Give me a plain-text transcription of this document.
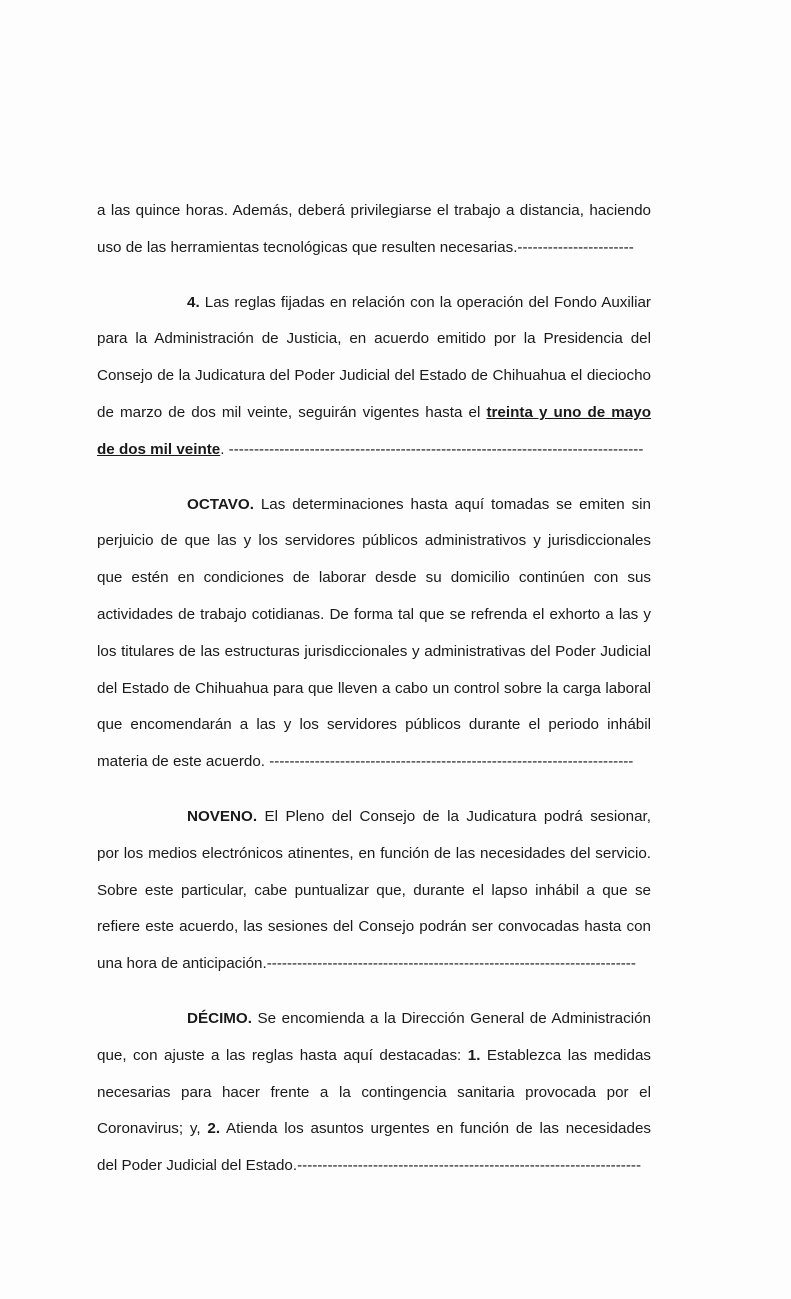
a las quince horas. Además, deberá privilegiarse el trabajo a distancia, haciendo
uso de las herramientas tecnológicas que resulten necesarias.-----------------------
4. Las reglas fijadas en relación con la operación del Fondo Auxiliar
para la Administración de Justicia, en acuerdo emitido por la Presidencia del
Consejo de la Judicatura del Poder Judicial del Estado de Chihuahua el dieciocho
de marzo de dos mil veinte, seguirán vigentes hasta el treinta y uno de mayo
de dos mil veinte. ----------------------------------------------------------------------------------
OCTAVO. Las determinaciones hasta aquí tomadas se emiten sin
perjuicio de que las y los servidores públicos administrativos y jurisdiccionales
que estén en condiciones de laborar desde su domicilio continúen con sus
actividades de trabajo cotidianas. De forma tal que se refrenda el exhorto a las y
los titulares de las estructuras jurisdiccionales y administrativas del Poder Judicial
del Estado de Chihuahua para que lleven a cabo un control sobre la carga laboral
que encomendarán a las y los servidores públicos durante el periodo inhábil
materia de este acuerdo. ------------------------------------------------------------------------
NOVENO. El Pleno del Consejo de la Judicatura podrá sesionar,
por los medios electrónicos atinentes, en función de las necesidades del servicio.
Sobre este particular, cabe puntualizar que, durante el lapso inhábil a que se
refiere este acuerdo, las sesiones del Consejo podrán ser convocadas hasta con
una hora de anticipación.-------------------------------------------------------------------------
DÉCIMO. Se encomienda a la Dirección General de Administración
que, con ajuste a las reglas hasta aquí destacadas: 1. Establezca las medidas
necesarias para hacer frente a la contingencia sanitaria provocada por el
Coronavirus; y, 2. Atienda los asuntos urgentes en función de las necesidades
del Poder Judicial del Estado.--------------------------------------------------------------------
